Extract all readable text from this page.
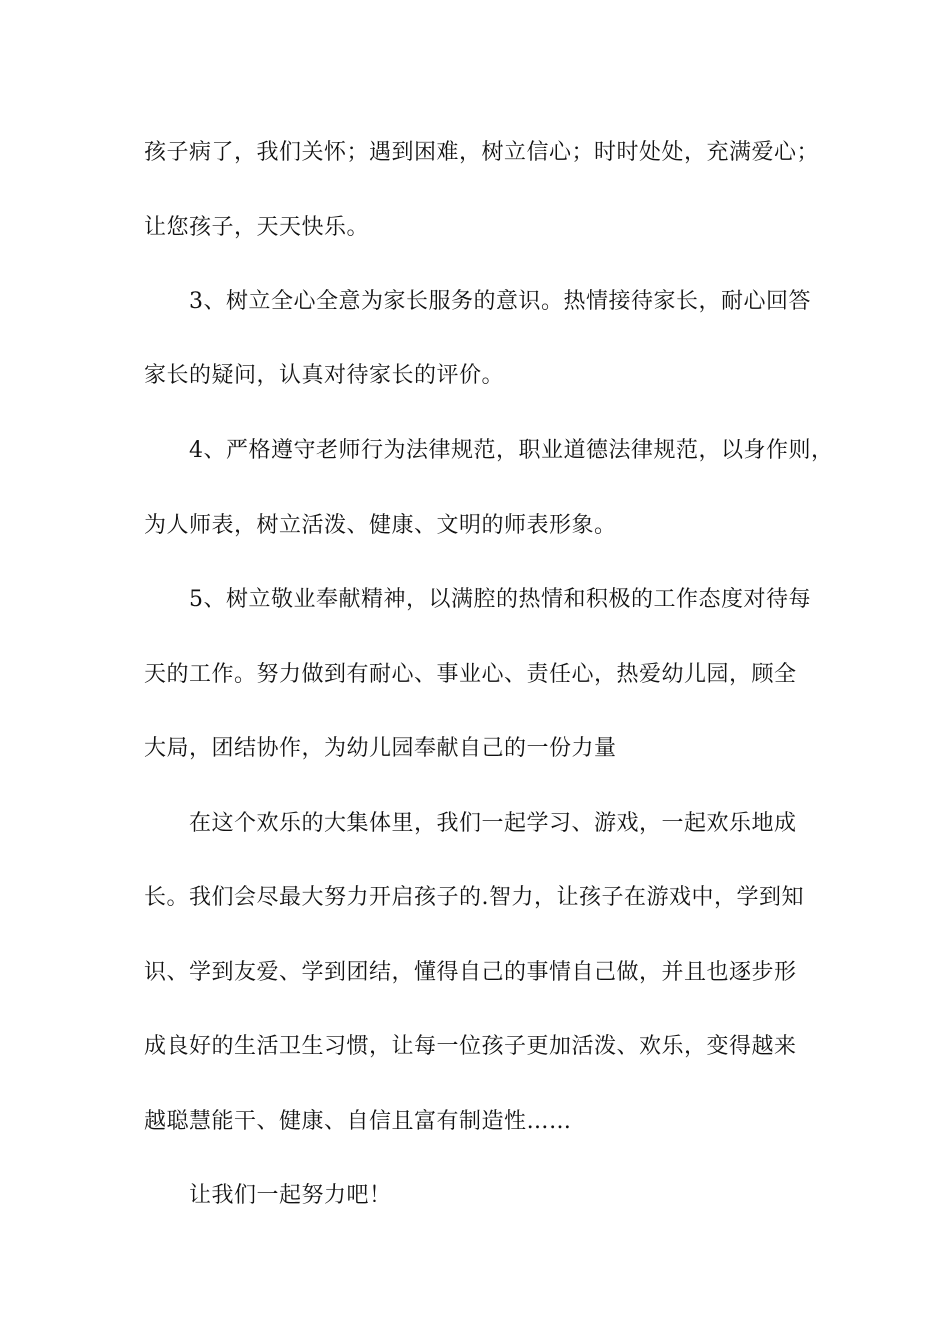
孩子病了，我们关怀；遇到困难，树立信心；时时处处，充满爱心；
让您孩子，天天快乐。
3、树立全心全意为家长服务的意识。热情接待家长，耐心回答
家长的疑问，认真对待家长的评价。
4、严格遵守老师行为法律规范，职业道德法律规范，以身作则，
为人师表，树立活泼、健康、文明的师表形象。
5、树立敬业奉献精神，以满腔的热情和积极的工作态度对待每
天的工作。努力做到有耐心、事业心、责任心，热爱幼儿园，顾全
大局，团结协作，为幼儿园奉献自己的一份力量
在这个欢乐的大集体里，我们一起学习、游戏，一起欢乐地成
长。我们会尽最大努力开启孩子的.智力，让孩子在游戏中，学到知
识、学到友爱、学到团结，懂得自己的事情自己做，并且也逐步形
成良好的生活卫生习惯，让每一位孩子更加活泼、欢乐，变得越来
越聪慧能干、健康、自信且富有制造性……
让我们一起努力吧！
